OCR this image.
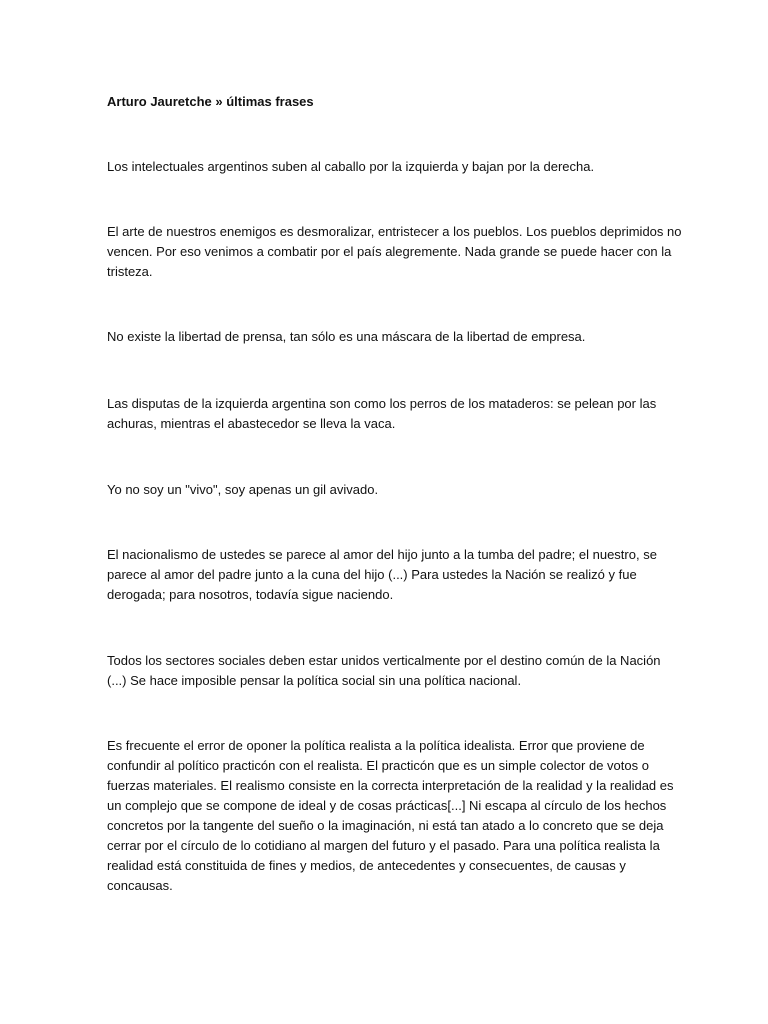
Arturo Jauretche » últimas frases
Los intelectuales argentinos suben al caballo por la izquierda y bajan por la derecha.
El arte de nuestros enemigos es desmoralizar, entristecer a los pueblos. Los pueblos deprimidos no
vencen. Por eso venimos a combatir por el país alegremente. Nada grande se puede hacer con la
tristeza.
No existe la libertad de prensa, tan sólo es una máscara de la libertad de empresa.
Las disputas de la izquierda argentina son como los perros de los mataderos: se pelean por las
achuras, mientras el abastecedor se lleva la vaca.
Yo no soy un "vivo", soy apenas un gil avivado.
El nacionalismo de ustedes se parece al amor del hijo junto a la tumba del padre; el nuestro, se
parece al amor del padre junto a la cuna del hijo (...) Para ustedes la Nación se realizó y fue
derogada; para nosotros, todavía sigue naciendo.
Todos los sectores sociales deben estar unidos verticalmente por el destino común de la Nación
(...) Se hace imposible pensar la política social sin una política nacional.
Es frecuente el error de oponer la política realista a la política idealista. Error que proviene de
confundir al político practicón con el realista. El practicón que es un simple colector de votos o
fuerzas materiales. El realismo consiste en la correcta interpretación de la realidad y la realidad es
un complejo que se compone de ideal y de cosas prácticas[...] Ni escapa al círculo de los hechos
concretos por la tangente del sueño o la imaginación, ni está tan atado a lo concreto que se deja
cerrar por el círculo de lo cotidiano al margen del futuro y el pasado. Para una política realista la
realidad está constituida de fines y medios, de antecedentes y consecuentes, de causas y
concausas.
